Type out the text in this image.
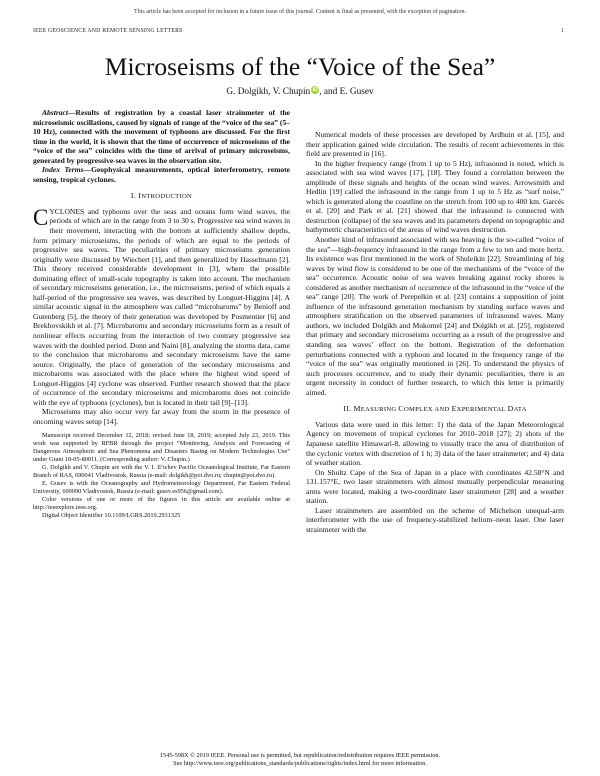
This article has been accepted for inclusion in a future issue of this journal. Content is final as presented, with the exception of pagination.
IEEE GEOSCIENCE AND REMOTE SENSING LETTERS	1
Microseisms of the “Voice of the Sea”
G. Dolgikh, V. Chupin iD, and E. Gusev

Abstract—Results of registration by a coastal laser strainmeter of the microseismic oscillations, caused by signals of range of the “voice of the sea” (5–10 Hz), connected with the movement of typhoons are discussed. For the first time in the world, it is shown that the time of occurrence of microseisms of the “voice of the sea” coincides with the time of arrival of primary microseisms, generated by progressive-sea waves in the observation site.

Index Terms—Geophysical measurements, optical interferometry, remote sensing, tropical cyclones.

I. INTRODUCTION

CYCLONES and typhoons over the seas and oceans form wind waves, the periods of which are in the range from 3 to 30 s. Progressive sea wind waves in their movement, interacting with the bottom at sufficiently shallow depths, form primary microseisms, the periods of which are equal to the periods of progressive sea waves. The peculiarities of primary microseisms generation originally were discussed by Wiechert [1], and then generalized by Hasselmann [2]. This theory received considerable development in [3], where the possible dominating effect of small-scale topography is taken into account. The mechanism of secondary microseisms generation, i.e., the microseisms, period of which equals a half-period of the progressive sea waves, was described by Longuet-Higgins [4]. A similar acoustic signal in the atmosphere was called “microbaroms” by Benioff and Gutenberg [5], the theory of their generation was developed by Posmentier [6] and Brekhovskikh et al. [7]. Microbaroms and secondary microseisms form as a result of nonlinear effects occurring from the interaction of two contrary progressive sea waves with the doubled period. Donn and Naini [8], analyzing the storms data, came to the conclusion that microbaroms and secondary microseisms have the same source. Originally, the place of generation of the secondary microseisms and microbaroms was associated with the place where the highest wind speed of Longuet-Higgins [4] cyclone was observed. Further research showed that the place of occurrence of the secondary microseisms and microbaroms does not coincide with the eye of typhoons (cyclones), but is located in their tail [9]–[13].

Microseisms may also occur very far away from the storm in the presence of oncoming waves setup [14].

Manuscript received December 12, 2018; revised June 18, 2019; accepted July 23, 2019. This work was supported by RFBR through the project “Monitoring, Analysis and Forecasting of Dangerous Atmospheric and Sea Phenomena and Disasters Basing on Modern Technologies Use” under Grant 18-05-80011. (Corresponding author: V. Chupin.)

G. Dolgikh and V. Chupin are with the V. I. Il’ichev Pacific Oceanological Institute, Far Eastern Branch of RAS, 690041 Vladivostok, Russia (e-mail: dolgikh@poi.dvo.ru; chupin@poi.dvo.ru).

E. Gusev is with the Oceanography and Hydrometeorology Department, Far Eastern Federal University, 690090 Vladivostok, Russia (e-mail: gusev.es956@gmail.com).

Color versions of one or more of the figures in this article are available online at http://ieeexplore.ieee.org.

Digital Object Identifier 10.1109/LGRS.2019.2931325

Numerical models of these processes are developed by Ardhuin et al. [15], and their application gained wide circulation. The results of recent achievements in this field are presented in [16].

In the higher frequency range (from 1 up to 5 Hz), infrasound is noted, which is associated with sea wind waves [17], [18]. They found a correlation between the amplitude of these signals and heights of the ocean wind waves. Arrowsmith and Hedlin [19] called the infrasound in the range from 1 up to 5 Hz as “surf noise,” which is generated along the coastline on the stretch from 100 up to 400 km. Garcés et al. [20] and Park et al. [21] showed that the infrasound is connected with destruction (collapse) of the sea waves and its parameters depend on topographic and bathymetric characteristics of the areas of wind waves destruction.

Another kind of infrasound associated with sea heaving is the so-called “voice of the sea”—high-frequency infrasound in the range from a few to ten and more hertz. Its existence was first mentioned in the work of Shuleikin [22]. Streamlining of big waves by wind flow is considered to be one of the mechanisms of the “voice of the sea” occurrence. Acoustic noise of sea waves breaking against rocky shores is considered as another mechanism of occurrence of the infrasound in the “voice of the sea” range [20]. The work of Perepelkin et al. [23] contains a supposition of joint influence of the infrasound generation mechanism by standing surface waves and atmosphere stratification on the observed parameters of infrasound waves. Many authors, we included Dolgikh and Mukomel [24] and Dolgikh et al. [25], registered that primary and secondary microseisms occurring as a result of the progressive and standing sea waves’ effect on the bottom. Registration of the deformation perturbations connected with a typhoon and located in the frequency range of the “voice of the sea” was originally mentioned in [26]. To understand the physics of such processes occurrence, and to study their dynamic peculiarities, there is an urgent necessity in conduct of further research, to which this letter is primarily aimed.

II. MEASURING COMPLEX AND EXPERIMENTAL DATA

Various data were used in this letter: 1) the data of the Japan Meteorological Agency on movement of tropical cyclones for 2010–2018 [27]; 2) shots of the Japanese satellite Himawari-8, allowing to visually trace the area of distribution of the cyclonic vortex with discretion of 1 h; 3) data of the laser strainmeter; and 4) data of weather station.

On Shultz Cape of the Sea of Japan in a place with coordinates 42.58°N and 131.157°E, two laser strainmeters with almost mutually perpendicular measuring arms were located, making a two-coordinate laser strainmeter [28] and a weather station.

Laser strainmeters are assembled on the scheme of Michelson unequal-arm interferometer with the use of frequency-stabilized helium–neon laser. One laser strainmeter with the

1545-598X © 2019 IEEE. Personal use is permitted, but republication/redistribution requires IEEE permission.
See http://www.ieee.org/publications_standards/publications/rights/index.html for more information.
